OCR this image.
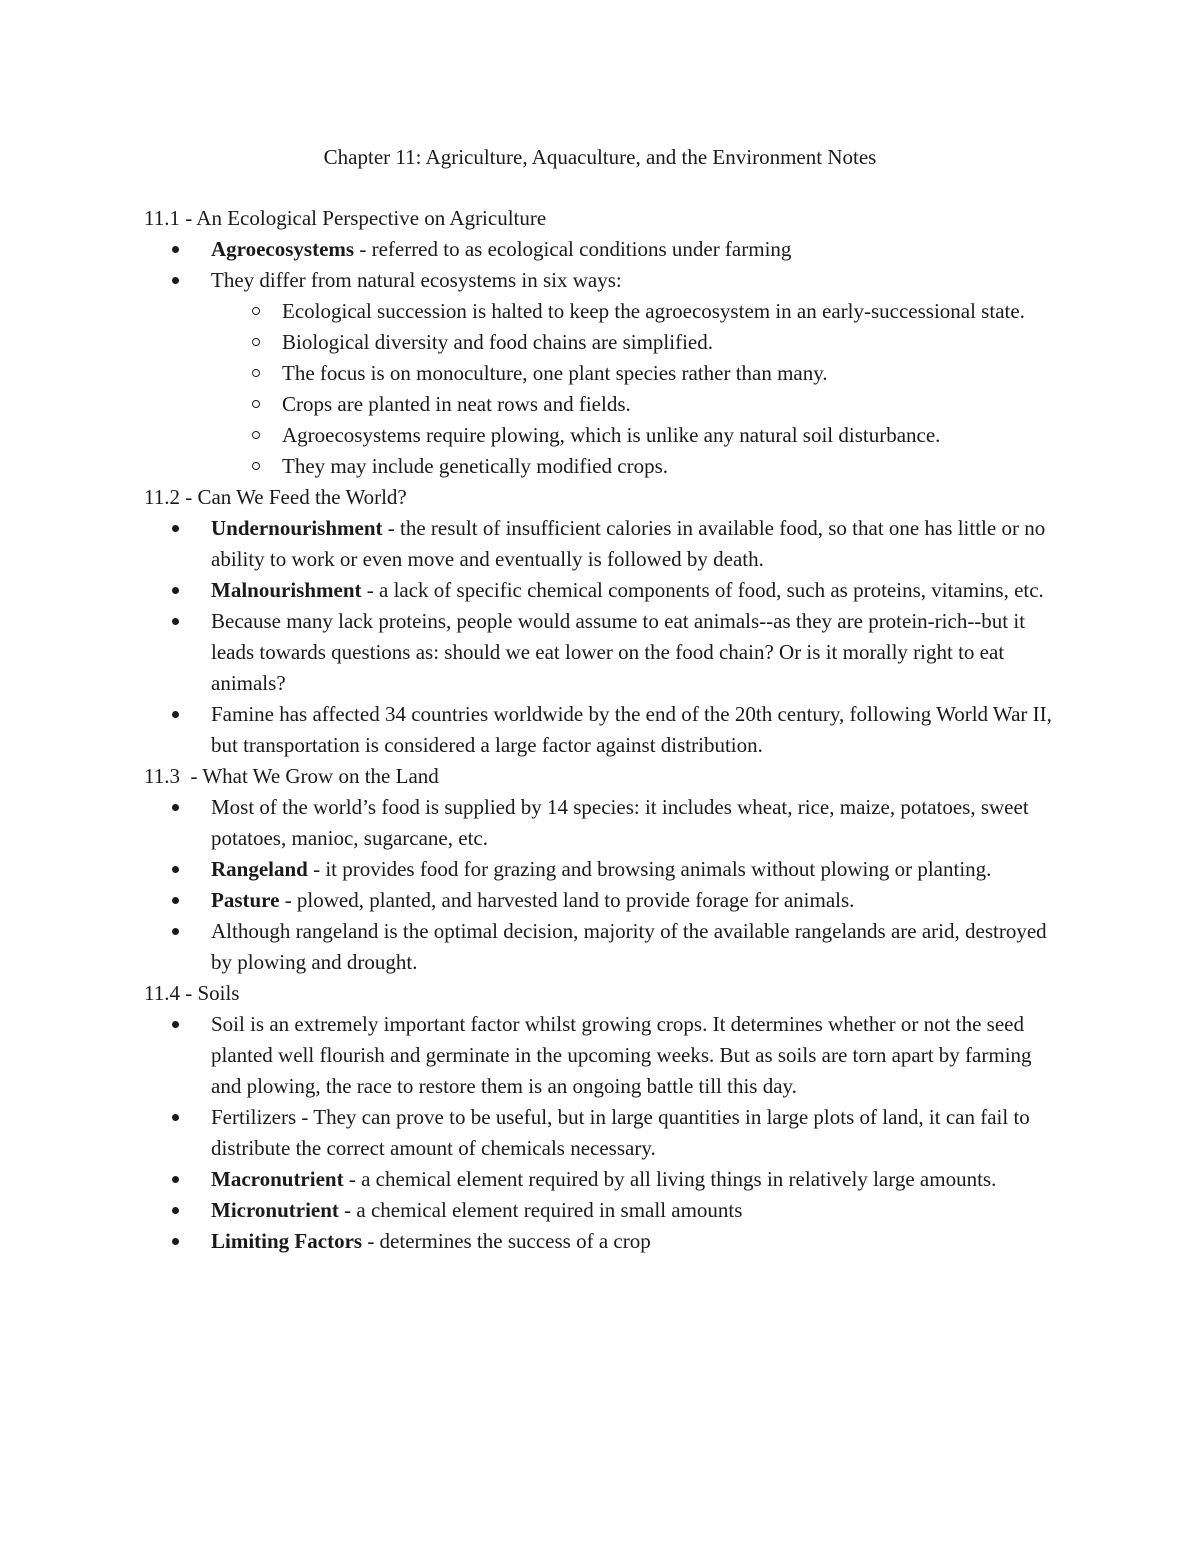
Chapter 11: Agriculture, Aquaculture, and the Environment Notes

11.1 - An Ecological Perspective on Agriculture

Agroecosystems - referred to as ecological conditions under farming
They differ from natural ecosystems in six ways:
Ecological succession is halted to keep the agroecosystem in an early-successional state.
Biological diversity and food chains are simplified.
The focus is on monoculture, one plant species rather than many.
Crops are planted in neat rows and fields.
Agroecosystems require plowing, which is unlike any natural soil disturbance.
They may include genetically modified crops.

11.2 - Can We Feed the World?

Undernourishment - the result of insufficient calories in available food, so that one has little or no ability to work or even move and eventually is followed by death.
Malnourishment - a lack of specific chemical components of food, such as proteins, vitamins, etc.
Because many lack proteins, people would assume to eat animals--as they are protein-rich--but it leads towards questions as: should we eat lower on the food chain? Or is it morally right to eat animals?
Famine has affected 34 countries worldwide by the end of the 20th century, following World War II, but transportation is considered a large factor against distribution.

11.3  - What We Grow on the Land

Most of the world’s food is supplied by 14 species: it includes wheat, rice, maize, potatoes, sweet potatoes, manioc, sugarcane, etc.
Rangeland - it provides food for grazing and browsing animals without plowing or planting.
Pasture - plowed, planted, and harvested land to provide forage for animals.
Although rangeland is the optimal decision, majority of the available rangelands are arid, destroyed by plowing and drought.

11.4 - Soils

Soil is an extremely important factor whilst growing crops. It determines whether or not the seed planted well flourish and germinate in the upcoming weeks. But as soils are torn apart by farming and plowing, the race to restore them is an ongoing battle till this day.
Fertilizers - They can prove to be useful, but in large quantities in large plots of land, it can fail to distribute the correct amount of chemicals necessary.
Macronutrient - a chemical element required by all living things in relatively large amounts.
Micronutrient - a chemical element required in small amounts
Limiting Factors - determines the success of a crop
